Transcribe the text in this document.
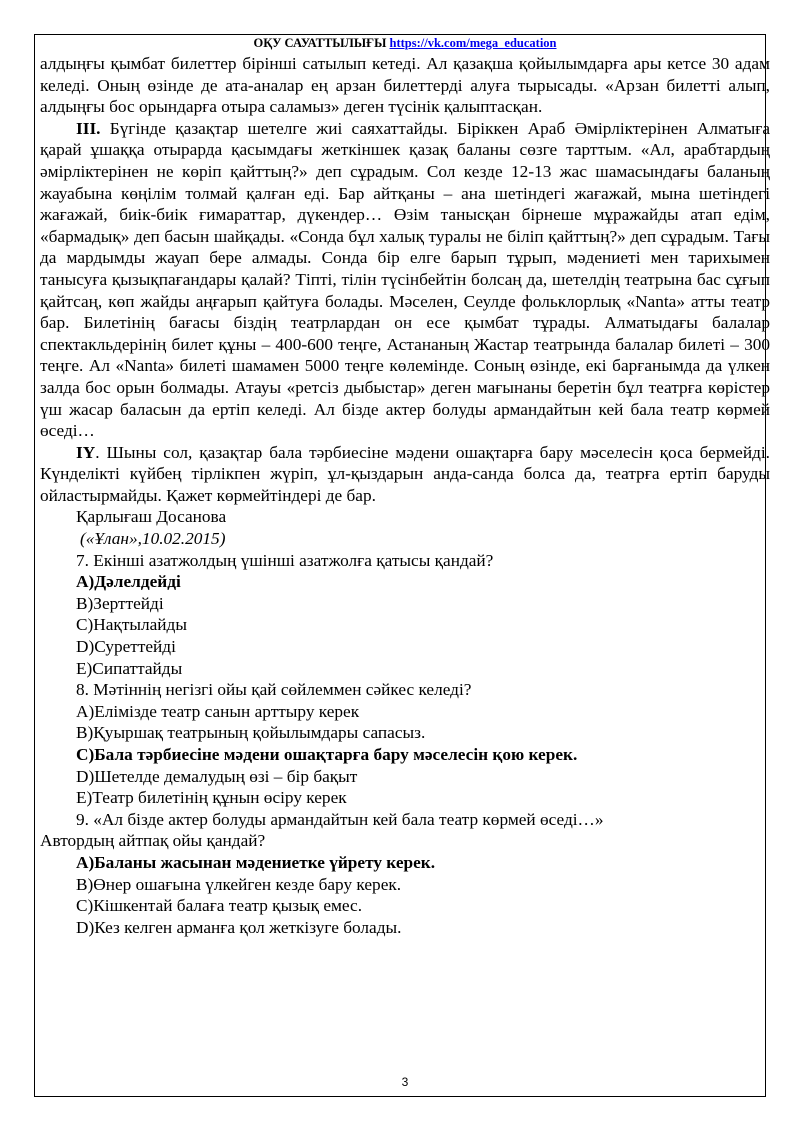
ОҚУ САУАТТЫЛЫҒЫ https://vk.com/mega_education

алдыңғы қымбат билеттер бірінші сатылып кетеді. Ал қазақша қойылымдарға ары кетсе 30 адам келеді. Оның өзінде де ата-аналар ең арзан билеттерді алуға тырысады. «Арзан билетті алып, алдыңғы бос орындарға отыра саламыз» деген түсінік қалыптасқан.

ІІІ. Бүгінде қазақтар шетелге жиі саяхаттайды. Біріккен Араб Әмірліктерінен Алматыға қарай ұшаққа отырарда қасымдағы жеткіншек қазақ баланы сөзге тарттым. «Ал, арабтардың әмірліктерінен не көріп қайттың?» деп сұрадым. Сол кезде 12-13 жас шамасындағы баланың жауабына көңілім толмай қалған еді. Бар айтқаны – ана шетіндегі жағажай, мына шетіндегі жағажай, биік-биік ғимараттар, дүкендер… Өзім танысқан бірнеше мұражайды атап едім, «бармадық» деп басын шайқады. «Сонда бұл халық туралы не біліп қайттың?» деп сұрадым. Тағы да мардымды жауап бере алмады. Сонда бір елге барып тұрып, мәдениеті мен тарихымен танысуға қызықпағандары қалай? Тіпті, тілін түсінбейтін болсаң да, шетелдің театрына бас сұғып қайтсаң, көп жайды аңғарып қайтуға болады. Мәселен, Сеулде фольклорлық «Nanta» атты театр бар. Билетінің бағасы біздің театрлардан он есе қымбат тұрады. Алматыдағы балалар спектакльдерінің билет құны – 400-600 теңге, Астананың Жастар театрында балалар билеті – 300 теңге. Ал «Nanta» билеті шамамен 5000 теңге көлемінде. Соның өзінде, екі барғанымда да үлкен залда бос орын болмады. Атауы «ретсіз дыбыстар» деген мағынаны беретін бұл театрға көрістер үш жасар баласын да ертіп келеді. Ал бізде актер болуды армандайтын кей бала театр көрмей өседі…

ІY. Шыны сол, қазақтар бала тәрбиесіне мәдени ошақтарға бару мәселесін қоса бермейді. Күнделікті күйбең тірлікпен жүріп, ұл-қыздарын анда-санда болса да, театрға ертіп баруды ойластырмайды. Қажет көрмейтіндері де бар.

Қарлығаш Досанова

(«Ұлан»,10.02.2015)

7. Екінші азатжолдың үшінші азатжолға қатысы қандай?

A)Дәлелдейді

B)Зерттейді

C)Нақтылайды

D)Суреттейді

E)Сипаттайды

8. Мәтіннің негізгі ойы қай сөйлеммен сәйкес келеді?

A)Елімізде театр санын арттыру керек

B)Қуыршақ театрының қойылымдары сапасыз.

C)Бала тәрбиесіне мәдени ошақтарға бару мәселесін қою керек.

D)Шетелде демалудың өзі – бір бақыт

E)Театр билетінің құнын өсіру керек

9. «Ал бізде актер болуды армандайтын кей бала театр көрмей өседі…»

Автордың айтпақ ойы қандай?

A)Баланы жасынан мәдениетке үйрету керек.

B)Өнер ошағына үлкейген кезде бару керек.

C)Кішкентай балаға театр қызық емес.

D)Кез келген арманға қол жеткізуге болады.

3
